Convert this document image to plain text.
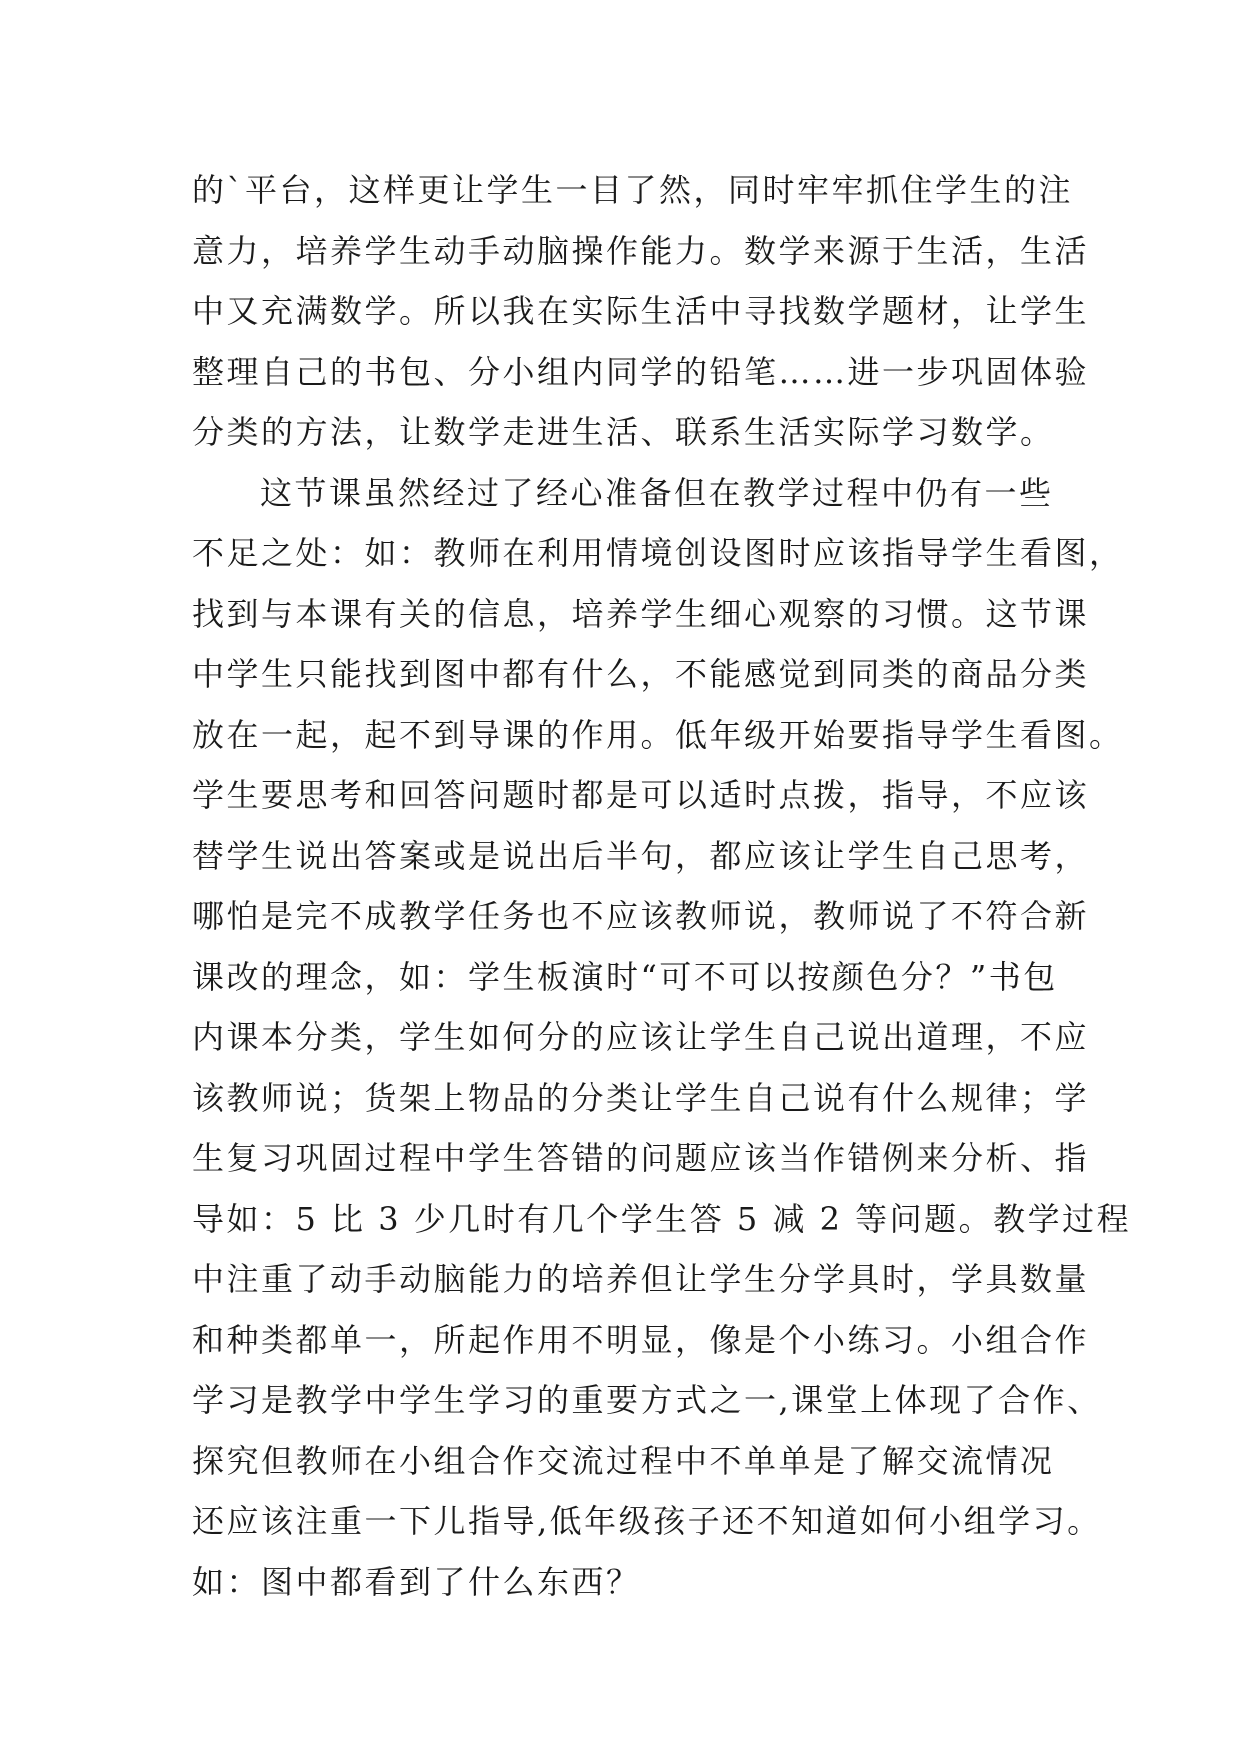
的`平台，这样更让学生一目了然，同时牢牢抓住学生的注
意力，培养学生动手动脑操作能力。数学来源于生活，生活
中又充满数学。所以我在实际生活中寻找数学题材，让学生
整理自己的书包、分小组内同学的铅笔……进一步巩固体验
分类的方法，让数学走进生活、联系生活实际学习数学。
这节课虽然经过了经心准备但在教学过程中仍有一些
不足之处：如：教师在利用情境创设图时应该指导学生看图，
找到与本课有关的信息，培养学生细心观察的习惯。这节课
中学生只能找到图中都有什么，不能感觉到同类的商品分类
放在一起，起不到导课的作用。低年级开始要指导学生看图。
学生要思考和回答问题时都是可以适时点拨，指导，不应该
替学生说出答案或是说出后半句，都应该让学生自己思考，
哪怕是完不成教学任务也不应该教师说，教师说了不符合新
课改的理念，如：学生板演时“可不可以按颜色分？”书包
内课本分类，学生如何分的应该让学生自己说出道理，不应
该教师说；货架上物品的分类让学生自己说有什么规律；学
生复习巩固过程中学生答错的问题应该当作错例来分析、指
导如：5 比 3 少几时有几个学生答 5 减 2 等问题。教学过程
中注重了动手动脑能力的培养但让学生分学具时，学具数量
和种类都单一，所起作用不明显，像是个小练习。小组合作
学习是教学中学生学习的重要方式之一,课堂上体现了合作、
探究但教师在小组合作交流过程中不单单是了解交流情况
还应该注重一下儿指导,低年级孩子还不知道如何小组学习。
如：图中都看到了什么东西？
